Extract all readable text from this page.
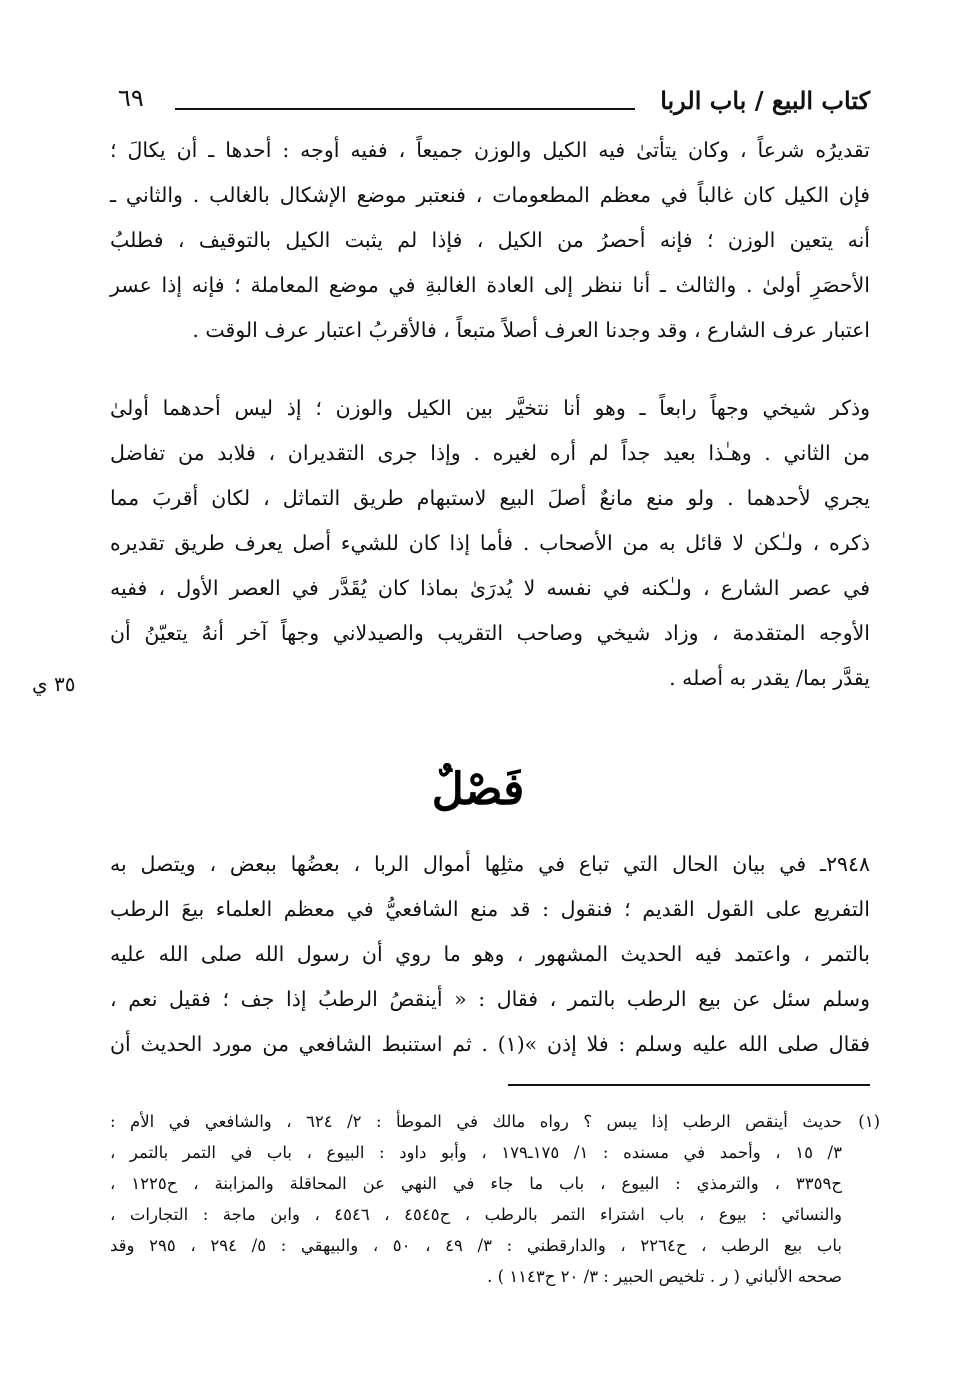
كتاب البيع / باب الربا
٦٩
تقديرُه شرعاً ، وكان يتأتىٰ فيه الكيل والوزن جميعاً ، ففيه أوجه : أحدها ـ أن يكالَ ؛
فإن الكيل كان غالباً في معظم المطعومات ، فنعتبر موضع الإشكال بالغالب . والثاني ـ
أنه يتعين الوزن ؛ فإنه أحصرُ من الكيل ، فإذا لم يثبت الكيل بالتوقيف ، فطلبُ
الأحصَرِ أولىٰ . والثالث ـ أنا ننظر إلى العادة الغالبةِ في موضع المعاملة ؛ فإنه إذا عسر
اعتبار عرف الشارع ، وقد وجدنا العرف أصلاً متبعاً ، فالأقربُ اعتبار عرف الوقت .
وذكر شيخي وجهاً رابعاً ـ وهو أنا نتخيَّر بين الكيل والوزن ؛ إذ ليس أحدهما أولىٰ
من الثاني . وهـٰذا بعيد جداً لم أره لغيره . وإذا جرى التقديران ، فلابد من تفاضل
يجري لأحدهما . ولو منع مانعٌ أصلَ البيع لاستبهام طريق التماثل ، لكان أقربَ مما
ذكره ، ولـٰكن لا قائل به من الأصحاب . فأما إذا كان للشيء أصل يعرف طريق تقديره
في عصر الشارع ، ولـٰكنه في نفسه لا يُدرَىٰ بماذا كان يُقَدَّر في العصر الأول ، ففيه
الأوجه المتقدمة ، وزاد شيخي وصاحب التقريب والصيدلاني وجهاً آخر أنهُ يتعيّنُ أن
يقدَّر بما/ يقدر به أصله .
٣٥ ي
فَصْلٌ
٢٩٤٨ـ في بيان الحال التي تباع في مثلِها أموال الربا ، بعضُها ببعض ، ويتصل به
التفريع على القول القديم ؛ فنقول : قد منع الشافعيُّ في معظم العلماء بيعَ الرطب
بالتمر ، واعتمد فيه الحديث المشهور ، وهو ما روي أن رسول الله صلى الله عليه
وسلم سئل عن بيع الرطب بالتمر ، فقال : « أينقصُ الرطبُ إذا جف ؛ فقيل نعم ،
فقال صلى الله عليه وسلم : فلا إذن »(١) . ثم استنبط الشافعي من مورد الحديث أن
(١)
حديث أينقص الرطب إذا يبس ؟ رواه مالك في الموطأ : ٢/ ٦٢٤ ، والشافعي في الأم :
٣/ ١٥ ، وأحمد في مسنده : ١/ ١٧٥ـ١٧٩ ، وأبو داود : البيوع ، باب في التمر بالتمر ،
ح٣٣٥٩ ، والترمذي : البيوع ، باب ما جاء في النهي عن المحاقلة والمزابنة ، ح١٢٢٥ ،
والنسائي : بيوع ، باب اشتراء التمر بالرطب ، ح٤٥٤٥ ، ٤٥٤٦ ، وابن ماجة : التجارات ،
باب بيع الرطب ، ح٢٢٦٤ ، والدارقطني : ٣/ ٤٩ ، ٥٠ ، والبيهقي : ٥/ ٢٩٤ ، ٢٩٥ وقد
صححه الألباني ( ر . تلخيص الحبير : ٣/ ٢٠ ح١١٤٣ ) .
